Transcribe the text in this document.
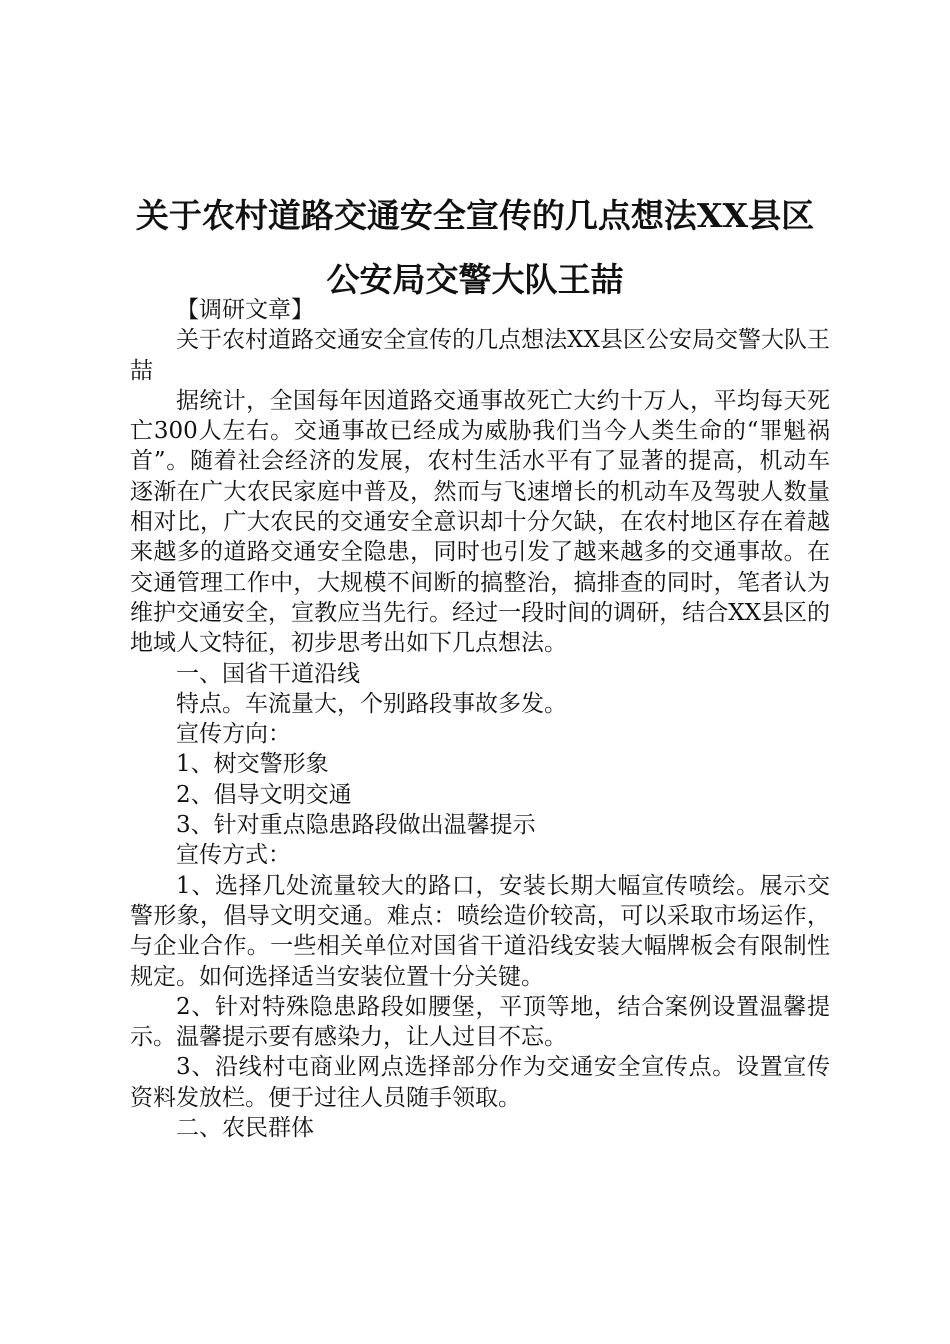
关于农村道路交通安全宣传的几点想法XX县区公安局交警大队王喆

【调研文章】

关于农村道路交通安全宣传的几点想法XX县区公安局交警大队王喆

据统计，全国每年因道路交通事故死亡大约十万人，平均每天死亡300人左右。交通事故已经成为威胁我们当今人类生命的“罪魁祸首”。随着社会经济的发展，农村生活水平有了显著的提高，机动车逐渐在广大农民家庭中普及，然而与飞速增长的机动车及驾驶人数量相对比，广大农民的交通安全意识却十分欠缺，在农村地区存在着越来越多的道路交通安全隐患，同时也引发了越来越多的交通事故。在交通管理工作中，大规模不间断的搞整治，搞排查的同时，笔者认为维护交通安全，宣教应当先行。经过一段时间的调研，结合XX县区的地域人文特征，初步思考出如下几点想法。

一、国省干道沿线

特点。车流量大，个别路段事故多发。

宣传方向：

1、树交警形象

2、倡导文明交通

3、针对重点隐患路段做出温馨提示

宣传方式：

1、选择几处流量较大的路口，安装长期大幅宣传喷绘。展示交警形象，倡导文明交通。难点：喷绘造价较高，可以采取市场运作，与企业合作。一些相关单位对国省干道沿线安装大幅牌板会有限制性规定。如何选择适当安装位置十分关键。

2、针对特殊隐患路段如腰堡，平顶等地，结合案例设置温馨提示。温馨提示要有感染力，让人过目不忘。

3、沿线村屯商业网点选择部分作为交通安全宣传点。设置宣传资料发放栏。便于过往人员随手领取。

二、农民群体
